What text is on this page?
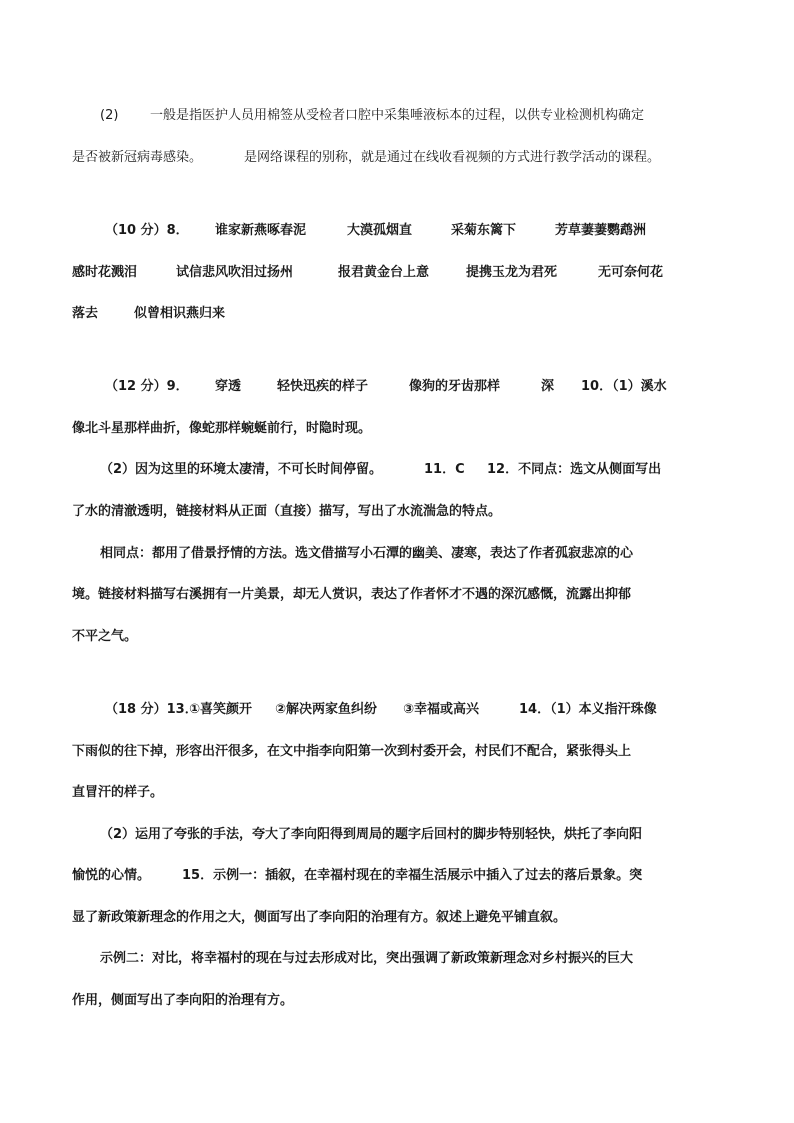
(2) 一般是指医护人员用棉签从受检者口腔中采集唾液标本的过程，以供专业检测机构确定
是否被新冠病毒感染。	是网络课程的别称，就是通过在线收看视频的方式进行教学活动的课程。
（10 分）8． 谁家新燕啄春泥	大漠孤烟直	采菊东篱下	芳草萋萋鹦鹉洲
感时花溅泪	试信悲风吹泪过扬州	报君黄金台上意	提携玉龙为君死	无可奈何花
落去	似曾相识燕归来
（12 分）9． 穿透	轻快迅疾的样子	像狗的牙齿那样	深 10．（1）溪水
像北斗星那样曲折，像蛇那样蜿蜒前行，时隐时现。
（2）因为这里的环境太凄清，不可长时间停留。	11．C 12．不同点：选文从侧面写出
了水的清澈透明，链接材料从正面（直接）描写，写出了水流湍急的特点。
相同点：都用了借景抒情的方法。选文借描写小石潭的幽美、凄寒，表达了作者孤寂悲凉的心
境。链接材料描写右溪拥有一片美景，却无人赏识，表达了作者怀才不遇的深沉感慨，流露出抑郁
不平之气。
（18 分）13．
①喜笑颜开 ②解决两家鱼纠纷 ③幸福或高兴	14．（1）本义指汗珠像
下雨似的往下掉，形容出汗很多，在文中指李向阳第一次到村委开会，村民们不配合，紧张得头上
直冒汗的样子。
（2）运用了夸张的手法，夸大了李向阳得到周局的题字后回村的脚步特别轻快，烘托了李向阳
愉悦的心情。 15．示例一：插叙，在幸福村现在的幸福生活展示中插入了过去的落后景象。突
显了新政策新理念的作用之大，侧面写出了李向阳的治理有方。叙述上避免平铺直叙。
示例二：对比，将幸福村的现在与过去形成对比，突出强调了新政策新理念对乡村振兴的巨大
作用，侧面写出了李向阳的治理有方。
